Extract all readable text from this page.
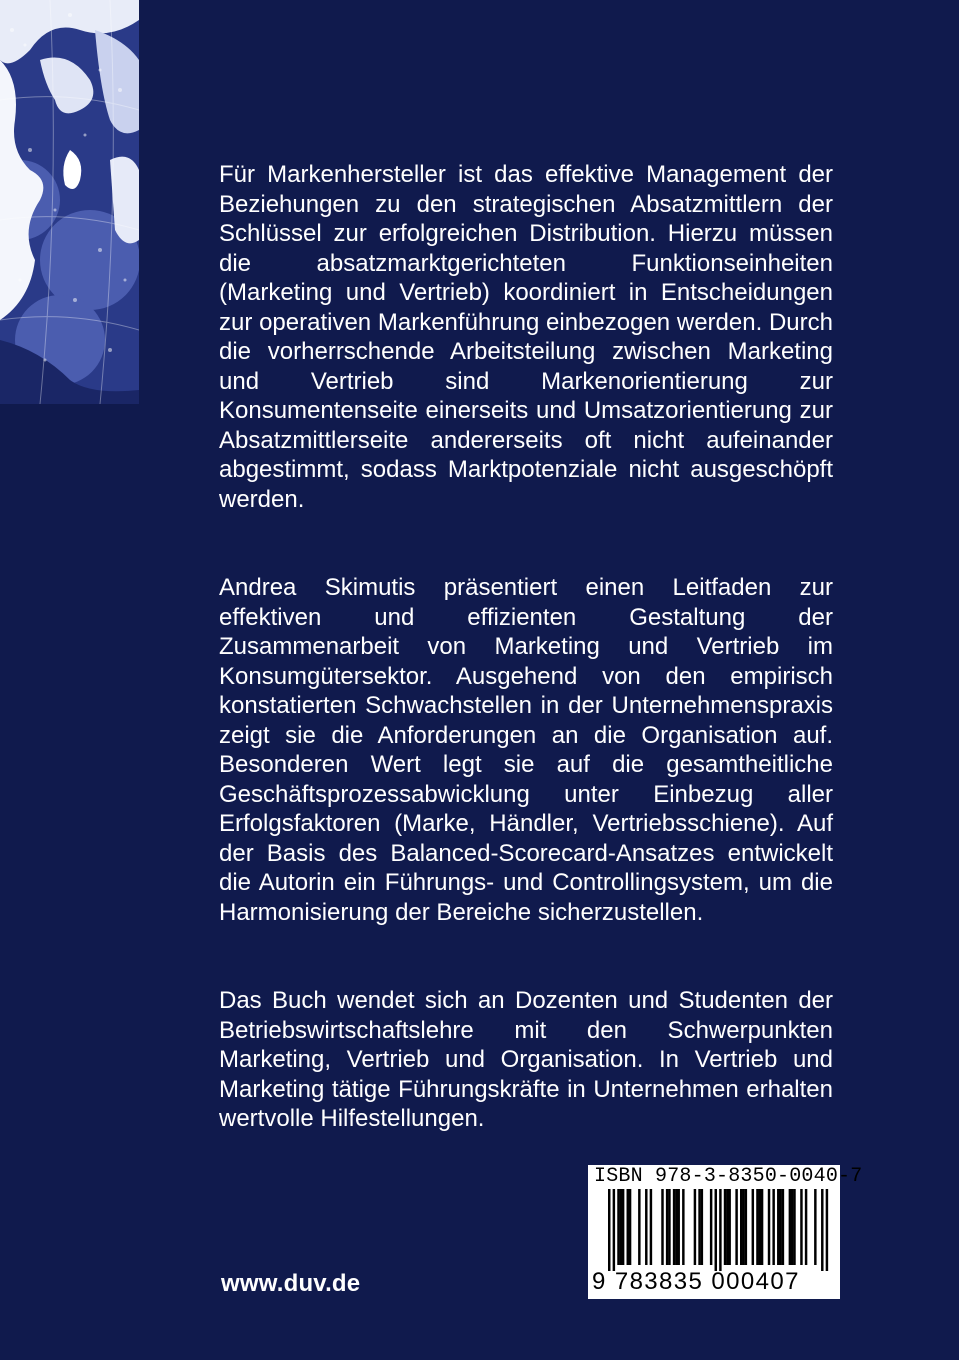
Für Markenhersteller ist das effektive Management der Beziehungen zu den strategischen Absatzmittlern der Schlüssel zur erfolgreichen Distribution. Hierzu müssen die absatzmarktgerichteten Funktionseinheiten (Marketing und Vertrieb) koordiniert in Entscheidungen zur operativen Markenführung einbezogen werden. Durch die vorherrschende Arbeitsteilung zwischen Marketing und Vertrieb sind Markenorientierung zur Konsumentenseite einerseits und Umsatzorientierung zur Absatzmittlerseite andererseits oft nicht aufeinander abgestimmt, sodass Marktpotenziale nicht ausgeschöpft werden.

Andrea Skimutis präsentiert einen Leitfaden zur effektiven und effizienten Gestaltung der Zusammenarbeit von Marketing und Vertrieb im Konsumgütersektor. Ausgehend von den empirisch konstatierten Schwachstellen in der Unternehmenspraxis zeigt sie die Anforderungen an die Organisation auf. Besonderen Wert legt sie auf die gesamtheitliche Geschäftsprozessabwicklung unter Einbezug aller Erfolgsfaktoren (Marke, Händler, Vertriebsschiene). Auf der Basis des Balanced-Scorecard-Ansatzes entwickelt die Autorin ein Führungs- und Controllingsystem, um die Harmonisierung der Bereiche sicherzustellen.

Das Buch wendet sich an Dozenten und Studenten der Betriebswirtschaftslehre mit den Schwerpunkten Marketing, Vertrieb und Organisation. In Vertrieb und Marketing tätige Führungskräfte in Unternehmen erhalten wertvolle Hilfestellungen.

www.duv.de
ISBN 978-3-8350-0040-7
9 783835 000407
